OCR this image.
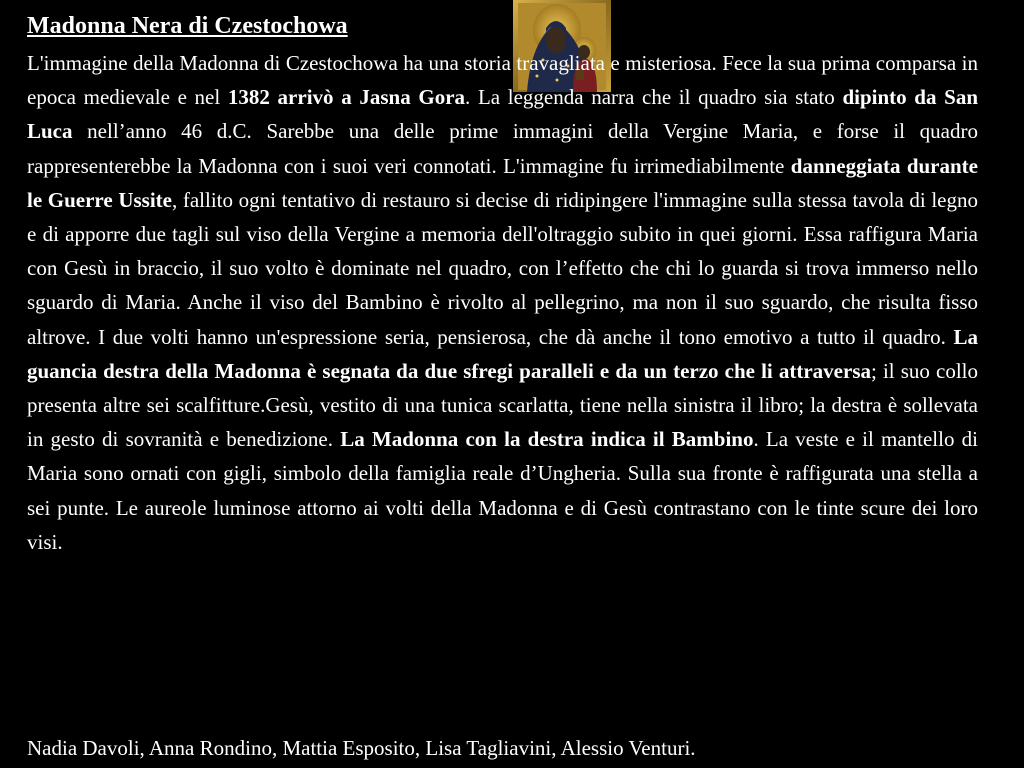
Madonna Nera di Czestochowa

L'immagine della Madonna di Czestochowa ha una storia travagliata e misteriosa. Fece la sua prima comparsa in epoca medievale e nel 1382 arrivò a Jasna Gora. La leggenda narra che il quadro sia stato dipinto da San Luca nell’anno 46 d.C. Sarebbe una delle prime immagini della Vergine Maria, e forse il quadro rappresenterebbe la Madonna con i suoi veri connotati. L'immagine fu irrimediabilmente danneggiata durante le Guerre Ussite, fallito ogni tentativo di restauro si decise di ridipingere l'immagine sulla stessa tavola di legno e di apporre due tagli sul viso della Vergine a memoria dell'oltraggio subito in quei giorni. Essa raffigura Maria con Gesù in braccio, il suo volto è dominate nel quadro, con l’effetto che chi lo guarda si trova immerso nello sguardo di Maria. Anche il viso del Bambino è rivolto al pellegrino, ma non il suo sguardo, che risulta fisso altrove. I due volti hanno un'espressione seria, pensierosa, che dà anche il tono emotivo a tutto il quadro. La guancia destra della Madonna è segnata da due sfregi paralleli e da un terzo che li attraversa; il suo collo presenta altre sei scalfitture.Gesù, vestito di una tunica scarlatta, tiene nella sinistra il libro; la destra è sollevata in gesto di sovranità e benedizione. La Madonna con la destra indica il Bambino. La veste e il mantello di Maria sono ornati con gigli, simbolo della famiglia reale d’Ungheria. Sulla sua fronte è raffigurata una stella a sei punte. Le aureole luminose attorno ai volti della Madonna e di Gesù contrastano con le tinte scure dei loro visi.

Nadia Davoli, Anna Rondino, Mattia Esposito, Lisa Tagliavini, Alessio Venturi.
